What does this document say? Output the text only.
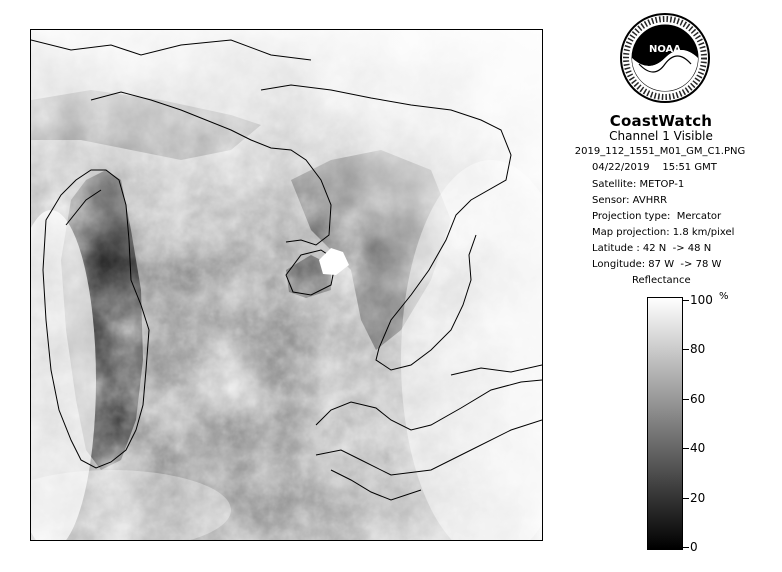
NOAA
CoastWatch
Channel 1 Visible
2019_112_1551_M01_GM_C1.PNG
04/22/2019    15:51 GMT
Satellite: METOP-1
Sensor: AVHRR
Projection type:  Mercator
Map projection: 1.8 km/pixel
Latitude : 42 N  -> 48 N
Longitude: 87 W  -> 78 W
Reflectance
%
100
80
60
40
20
0
